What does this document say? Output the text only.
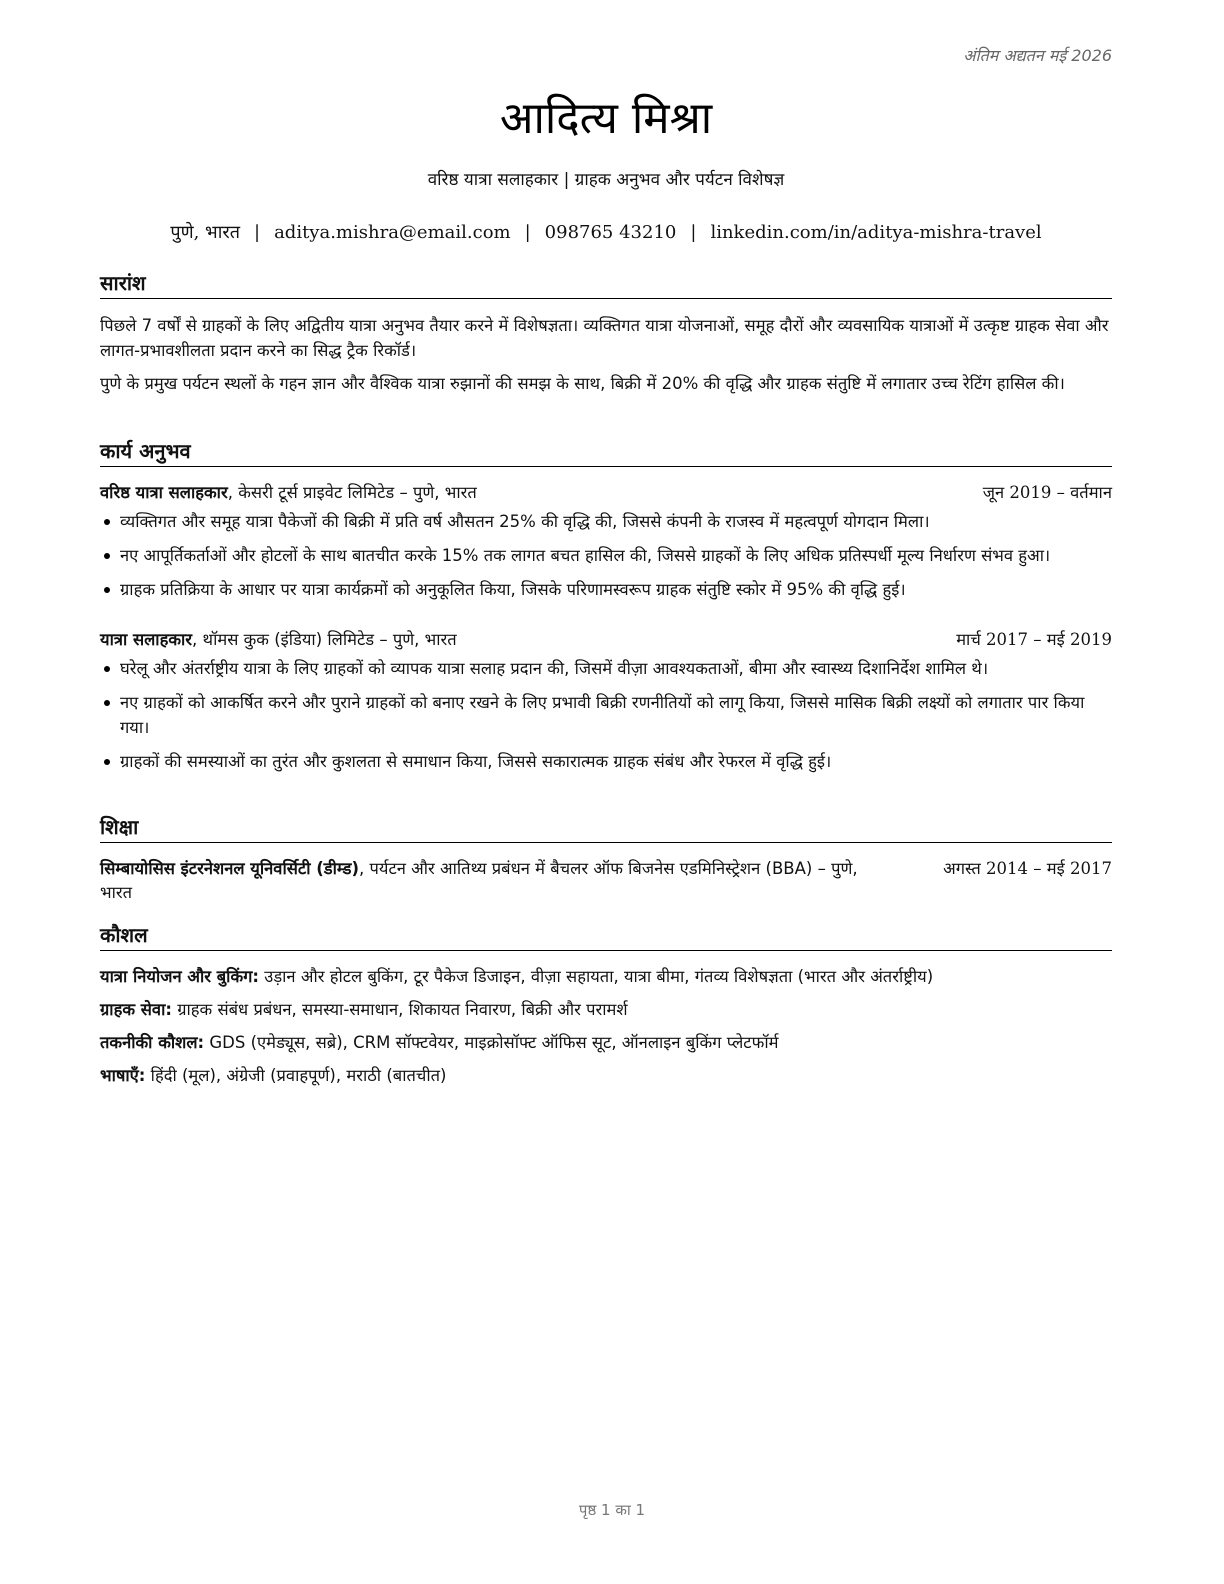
अंतिम अद्यतन मई 2026
आदित्य मिश्रा
वरिष्ठ यात्रा सलाहकार | ग्राहक अनुभव और पर्यटन विशेषज्ञ
पुणे, भारत | aditya.mishra@email.com | 098765 43210 | linkedin.com/in/aditya-mishra-travel
सारांश

पिछले 7 वर्षों से ग्राहकों के लिए अद्वितीय यात्रा अनुभव तैयार करने में विशेषज्ञता। व्यक्तिगत यात्रा योजनाओं, समूह दौरों और व्यवसायिक यात्राओं में उत्कृष्ट ग्राहक सेवा और लागत-प्रभावशीलता प्रदान करने का सिद्ध ट्रैक रिकॉर्ड।

पुणे के प्रमुख पर्यटन स्थलों के गहन ज्ञान और वैश्विक यात्रा रुझानों की समझ के साथ, बिक्री में 20% की वृद्धि और ग्राहक संतुष्टि में लगातार उच्च रेटिंग हासिल की।

कार्य अनुभव
वरिष्ठ यात्रा सलाहकार, केसरी टूर्स प्राइवेट लिमिटेड – पुणे, भारत	जून 2019 – वर्तमान
व्यक्तिगत और समूह यात्रा पैकेजों की बिक्री में प्रति वर्ष औसतन 25% की वृद्धि की, जिससे कंपनी के राजस्व में महत्वपूर्ण योगदान मिला।
नए आपूर्तिकर्ताओं और होटलों के साथ बातचीत करके 15% तक लागत बचत हासिल की, जिससे ग्राहकों के लिए अधिक प्रतिस्पर्धी मूल्य निर्धारण संभव हुआ।
ग्राहक प्रतिक्रिया के आधार पर यात्रा कार्यक्रमों को अनुकूलित किया, जिसके परिणामस्वरूप ग्राहक संतुष्टि स्कोर में 95% की वृद्धि हुई।
यात्रा सलाहकार, थॉमस कुक (इंडिया) लिमिटेड – पुणे, भारत	मार्च 2017 – मई 2019
घरेलू और अंतर्राष्ट्रीय यात्रा के लिए ग्राहकों को व्यापक यात्रा सलाह प्रदान की, जिसमें वीज़ा आवश्यकताओं, बीमा और स्वास्थ्य दिशानिर्देश शामिल थे।
नए ग्राहकों को आकर्षित करने और पुराने ग्राहकों को बनाए रखने के लिए प्रभावी बिक्री रणनीतियों को लागू किया, जिससे मासिक बिक्री लक्ष्यों को लगातार पार किया गया।
ग्राहकों की समस्याओं का तुरंत और कुशलता से समाधान किया, जिससे सकारात्मक ग्राहक संबंध और रेफरल में वृद्धि हुई।
शिक्षा
सिम्बायोसिस इंटरनेशनल यूनिवर्सिटी (डीम्ड), पर्यटन और आतिथ्य प्रबंधन में बैचलर ऑफ बिजनेस एडमिनिस्ट्रेशन (BBA) – पुणे, भारत
अगस्त 2014 – मई 2017
कौशल
यात्रा नियोजन और बुकिंग: उड़ान और होटल बुकिंग, टूर पैकेज डिजाइन, वीज़ा सहायता, यात्रा बीमा, गंतव्य विशेषज्ञता (भारत और अंतर्राष्ट्रीय)
ग्राहक सेवा: ग्राहक संबंध प्रबंधन, समस्या-समाधान, शिकायत निवारण, बिक्री और परामर्श
तकनीकी कौशल: GDS (एमेड्यूस, सब्रे), CRM सॉफ्टवेयर, माइक्रोसॉफ्ट ऑफिस सूट, ऑनलाइन बुकिंग प्लेटफॉर्म
भाषाएँ: हिंदी (मूल), अंग्रेजी (प्रवाहपूर्ण), मराठी (बातचीत)
पृष्ठ 1 का 1
